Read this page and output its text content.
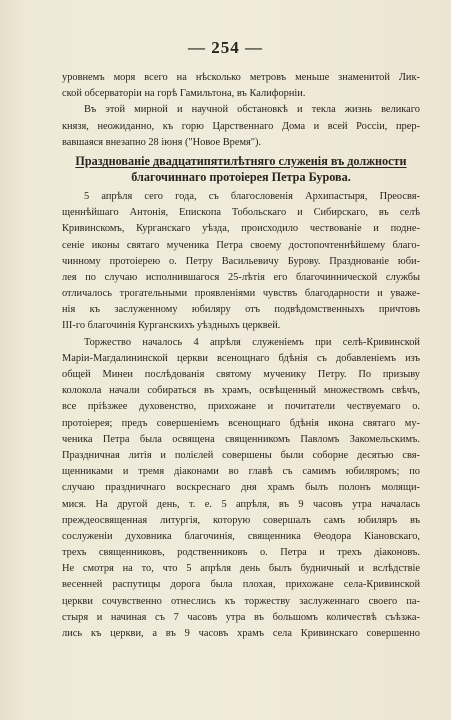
— 254 —
уровнемъ моря всего на нѣсколько метровъ меньше знаменитой Лик-
ской обсерваторіи на горѣ Гамильтона, въ Калифорніи.
Въ этой мирной и научной обстановкѣ и текла жизнь великаго
князя, неожиданно, къ горю Царственнаго Дома и всей Россіи, прер-
вавшаяся внезапно 28 іюня ("Новое Время").
Празднованіе двадцатипятилѣтняго служенія въ должности
благочиннаго протоіерея Петра Бурова.
5 апрѣля сего года, съ благословенія Архипастыря, Преосвя-
щеннѣйшаго Антонія, Епископа Тобольскаго и Сибирскаго, въ селѣ
Кривинскомъ, Курганскаго уѣзда, происходило чествованіе и подне-
сеніе иконы святаго мученика Петра своему достопочтеннѣйшему благо-
чинному протоіерею о. Петру Васильевичу Бурову. Празднованіе юби-
лея по случаю исполнившагося 25-лѣтія его благочиннической службы
отличалось трогательными проявленіями чувствъ благодарности и уваже-
нія къ заслуженному юбиляру отъ подвѣдомственныхъ причтовъ
III-го благочинія Курганскихъ уѣздныхъ церквей.
Торжество началось 4 апрѣля служеніемъ при селѣ-Кривинской
Маріи-Магдалининской церкви всенощнаго бдѣнія съ добавленіемъ изъ
общей Минеи послѣдованія святому мученику Петру. По призыву
колокола начали собираться въ храмъ, освѣщенный множествомъ свѣчъ,
все пріѣзжее духовенство, прихожане и почитатели чествуемаго о.
протоіерея; предъ совершеніемъ всенощнаго бдѣнія икона святаго му-
ченика Петра была освящена священникомъ Павломъ Закомельскимъ.
Праздничная литія и полієлей совершены были соборне десятью свя-
щенниками и тремя діаконами во главѣ съ самимъ юбиляромъ; по
случаю праздничнаго воскреснаго дня храмъ былъ полонъ молящи-
мися. На другой день, т. е. 5 апрѣля, въ 9 часовъ утра началась
преждеосвященная литургія, которую совершалъ самъ юбиляръ въ
сослуженіи духовника благочинія, священника Θеодора Кіановскаго,
трехъ священниковъ, родственниковъ о. Петра и трехъ діаконовъ.
Не смотря на то, что 5 апрѣля день былъ будничный и вслѣдствіе
весенней распутицы дорога была плохая, прихожане села-Кривинской
церкви сочувственно отнеслись къ торжеству заслуженнаго своего па-
стыря и начиная съ 7 часовъ утра въ большомъ количествѣ съѣзжа-
лись къ церкви, а въ 9 часовъ храмъ села Кривинскаго совершенно
